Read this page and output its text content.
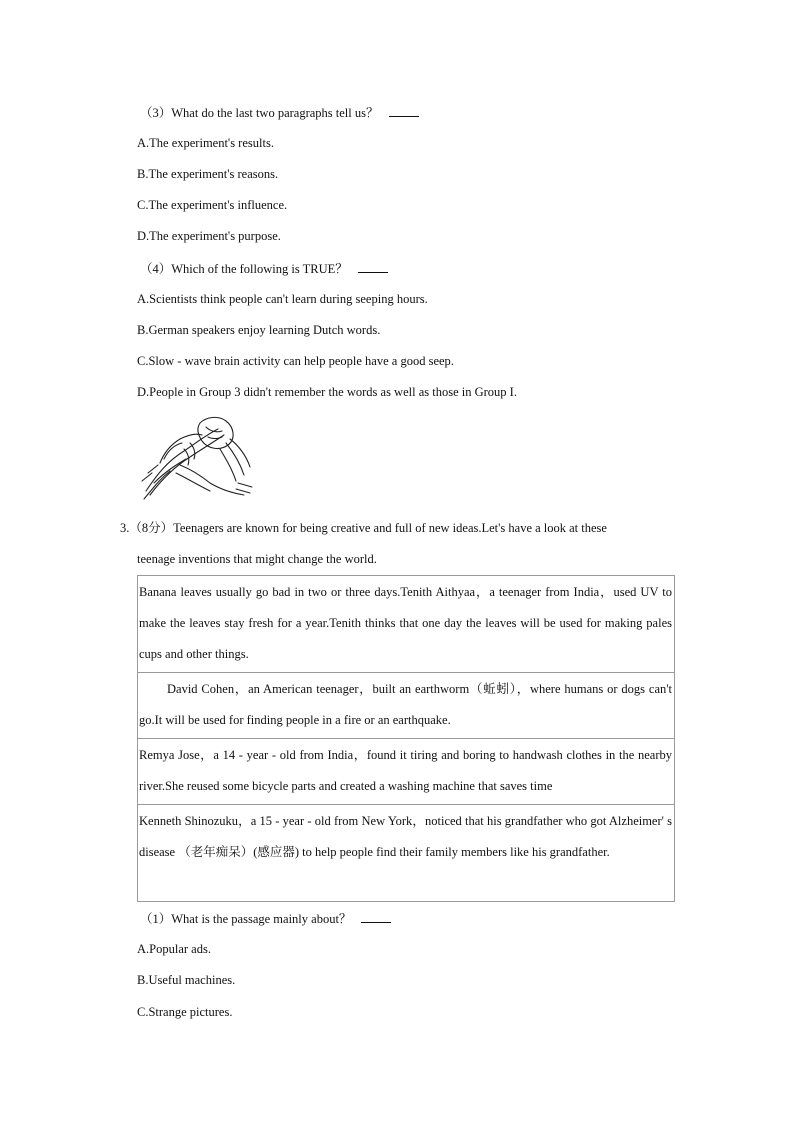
（3）What do the last two paragraphs tell us？
A.The experiment's results.
B.The experiment's reasons.
C.The experiment's influence.
D.The experiment's purpose.
（4）Which of the following is TRUE？
A.Scientists think people can't learn during seeping hours.
B.German speakers enjoy learning Dutch words.
C.Slow - wave brain activity can help people have a good seep.
D.People in Group 3 didn't remember the words as well as those in Group I.
3.（8分）Teenagers are known for being creative and full of new ideas.Let's have a look at these
teenage inventions that might change the world.
Banana leaves usually go bad in two or three days.Tenith Aithyaa，a teenager from India，used UV to make the leaves stay fresh for a year.Tenith thinks that one day the leaves will be used for making pales cups and other things.
David Cohen，an American teenager，built an earthworm（蚯蚓），where humans or dogs can't go.It will be used for finding people in a fire or an earthquake.
Remya Jose，a 14 - year - old from India，found it tiring and boring to handwash clothes in the nearby river.She reused some bicycle parts and created a washing machine that saves time
Kenneth Shinozuku，a 15 - year - old from New York，noticed that his grandfather who got Alzheimer' s disease （老年痴呆）(感应器) to help people find their family members like his grandfather.
（1）What is the passage mainly about？
A.Popular ads.
B.Useful machines.
C.Strange pictures.
